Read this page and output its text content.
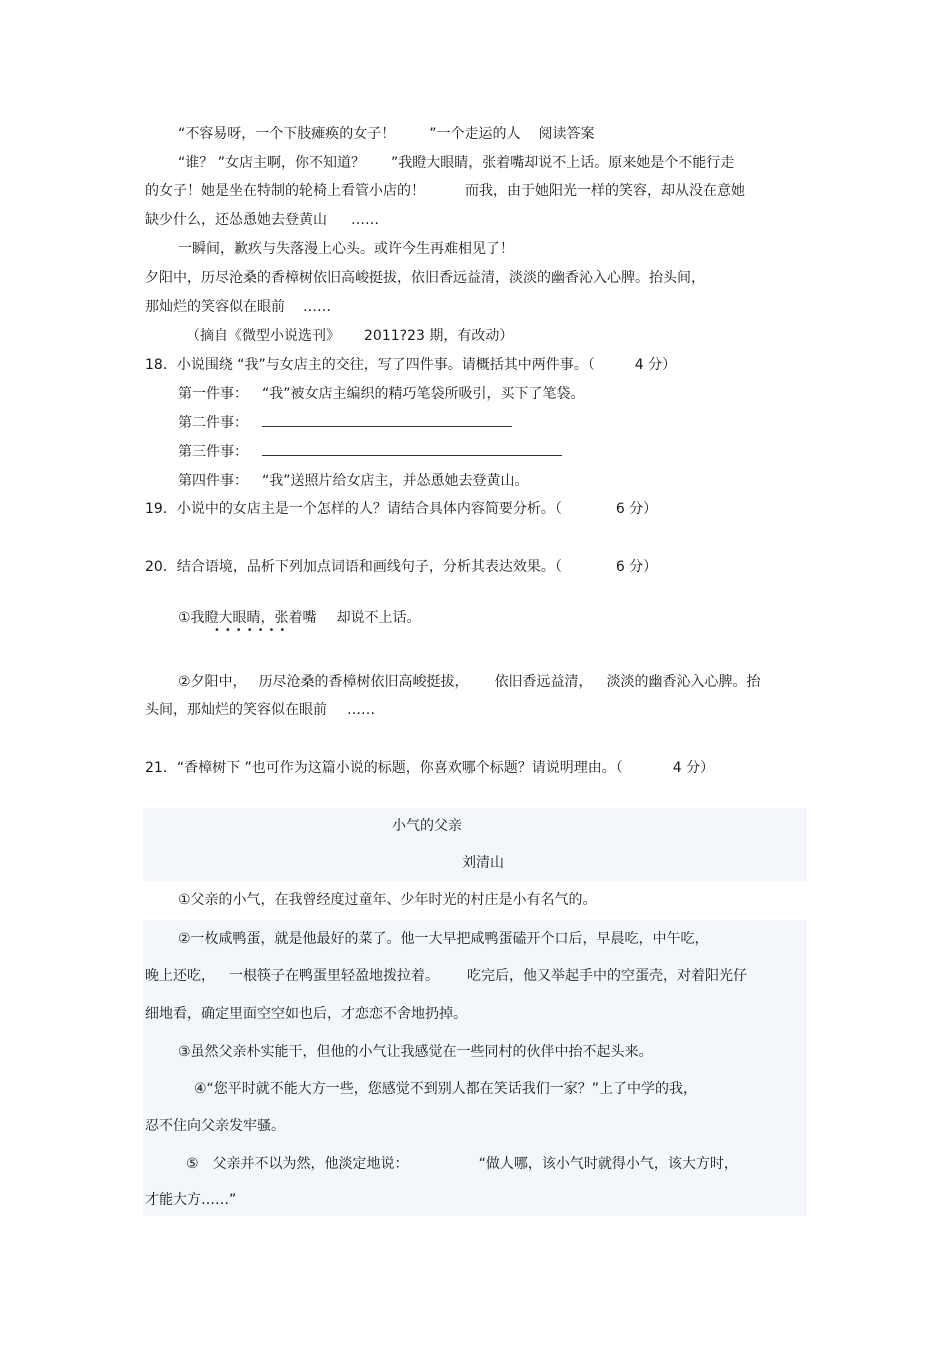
“不容易呀，一个下肢瘫痪的女子！ ”一个走运的人 阅读答案
“谁？ ”女店主啊，你不知道？ ”我瞪大眼睛，张着嘴却说不上话。原来她是个不能行走
的女子！她是坐在特制的轮椅上看管小店的！	而我，由于她阳光一样的笑容，却从没在意她
缺少什么，还怂恿她去登黄山 ……
一瞬间，歉疚与失落漫上心头。或许今生再难相见了！
夕阳中，历尽沧桑的香樟树依旧高峻挺拔，依旧香远益清，淡淡的幽香沁入心脾。抬头间，
那灿烂的笑容似在眼前 ……
（摘自《微型小说选刊》 2011?23 期，有改动）
18．小说围绕 “我”与女店主的交往，写了四件事。请概括其中两件事。（	4 分）
第一件事： “我”被女店主编织的精巧笔袋所吸引，买下了笔袋。
第二件事：
第三件事：
第四件事： “我”送照片给女店主，并怂恿她去登黄山。
19．小说中的女店主是一个怎样的人？请结合具体内容简要分析。（	6 分）
20．结合语境，品析下列加点词语和画线句子，分析其表达效果。（	6 分）
①我瞪大眼睛，张着嘴 却说不上话。
•••••••
②夕阳中， 历尽沧桑的香樟树依旧高峻挺拔， 依旧香远益清， 淡淡的幽香沁入心脾。抬
头间，那灿烂的笑容似在眼前 ……
21．“香樟树下 ”也可作为这篇小说的标题，你喜欢哪个标题？请说明理由。（	4 分）
小气的父亲
刘清山
①父亲的小气，在我曾经度过童年、少年时光的村庄是小有名气的。
②一枚咸鸭蛋，就是他最好的菜了。他一大早把咸鸭蛋磕开个口后，早晨吃，中午吃，
晚上还吃， 一根筷子在鸭蛋里轻盈地拨拉着。 吃完后，他又举起手中的空蛋壳，对着阳光仔
细地看，确定里面空空如也后，才恋恋不舍地扔掉。
③虽然父亲朴实能干，但他的小气让我感觉在一些同村的伙伴中抬不起头来。
④“您平时就不能大方一些，您感觉不到别人都在笑话我们一家？”上了中学的我，
忍不住向父亲发牢骚。
⑤ 父亲并不以为然，他淡定地说：	“做人哪，该小气时就得小气，该大方时，
才能大方……”
